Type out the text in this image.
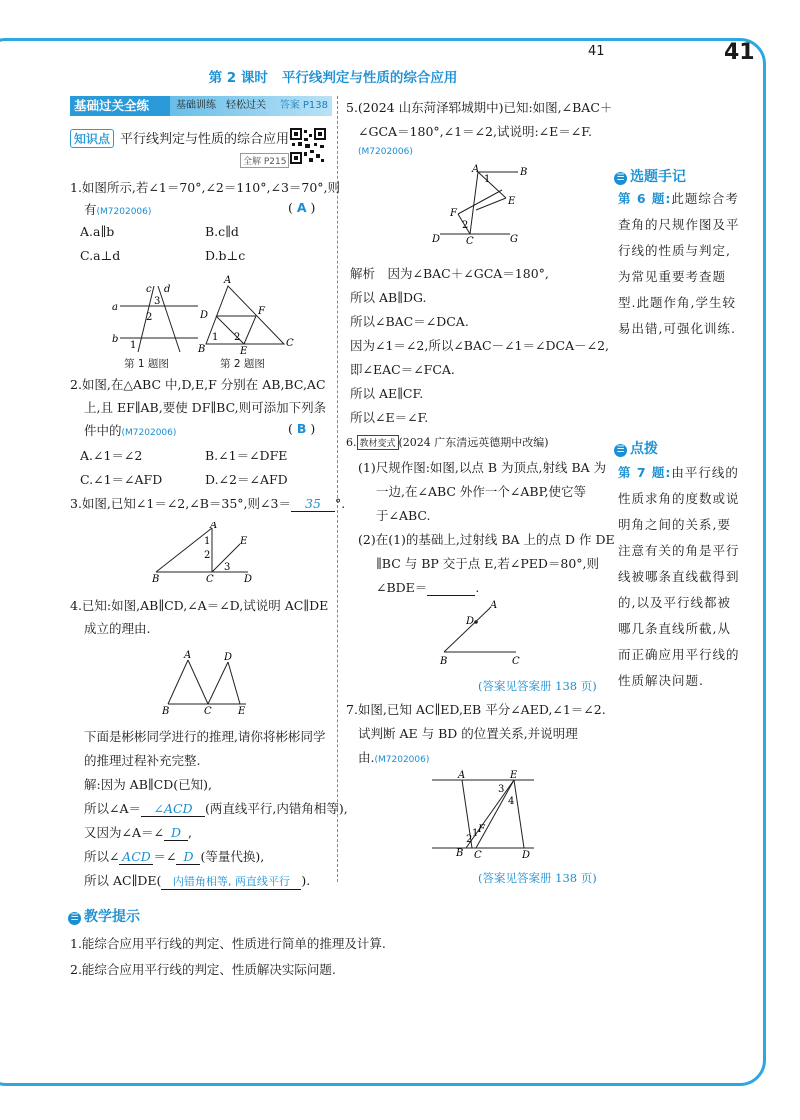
41	41
第 2 课时 平行线判定与性质的综合应用
基础过关全练	基础训练　轻松过关 答案 P138
知识点 平行线判定与性质的综合应用
全解 P215
1.如图所示,若∠1＝70°,∠2＝110°,∠3＝70°,则
有(M7202006)	( A )
A.a∥b	B.c∥d
C.a⊥d	D.b⊥c
a
b
c d
3
2
1
A
D	F
B	E
C
1 2
第 1 题图	第 2 题图
2.如图,在△ABC 中,D,E,F 分别在 AB,BC,AC
上,且 EF∥AB,要使 DF∥BC,则可添加下列条
件中的(M7202006)	( B )
A.∠1＝∠2	B.∠1＝∠DFE
C.∠1＝∠AFD	D.∠2＝∠AFD
3.如图,已知∠1＝∠2,∠B＝35°,则∠3＝ 35 °.
A
E
B	C	D
1
2
3
4.已知:如图,AB∥CD,∠A＝∠D,试说明 AC∥DE
成立的理由.
A	D
B	C	E
下面是彬彬同学进行的推理,请你将彬彬同学
的推理过程补充完整.
解:因为 AB∥CD(已知),
所以∠A＝ ∠ACD (两直线平行,内错角相等),
又因为∠A＝∠ D ,
所以∠ ACD ＝∠ D (等量代换),
所以 AC∥DE( 内错角相等, 两直线平行 ).
5.(2024 山东菏泽郓城期中)已知:如图,∠BAC＋
∠GCA＝180°,∠1＝∠2,试说明:∠E＝∠F.
(M7202006)
A	B
E
F
D	C	G
1
2
解析　因为∠BAC＋∠GCA＝180°,
所以 AB∥DG.
所以∠BAC＝∠DCA.
因为∠1＝∠2,所以∠BAC－∠1＝∠DCA－∠2,
即∠EAC＝∠FCA.
所以 AE∥CF.
所以∠E＝∠F.
6. 教材变式 (2024 广东清远英德期中改编)
(1)尺规作图:如图,以点 B 为顶点,射线 BA 为
一边,在∠ABC 外作一个∠ABP,使它等
于∠ABC.
(2)在(1)的基础上,过射线 BA 上的点 D 作 DE
∥BC 与 BP 交于点 E,若∠PED＝80°,则
∠BDE＝	.
A
D
B	C
(答案见答案册 138 页)
7.如图,已知 AC∥ED,EB 平分∠AED,∠1＝∠2.
试判断 AE 与 BD 的位置关系,并说明理
由.(M7202006)
A	E
F
B C	D
3
4
2
1
(答案见答案册 138 页)
☰ 选题手记
第 6 题:此题综合考查角的尺规作图及平行线的性质与判定,为常见重要考查题型.此题作角,学生较易出错,可强化训练.
☰ 点拨
第 7 题:由平行线的性质求角的度数或说明角之间的关系,要注意有关的角是平行线被哪条直线截得到的,以及平行线都被哪几条直线所截,从而正确应用平行线的性质解决问题.
☰ 教学提示
1.能综合应用平行线的判定、性质进行简单的推理及计算.
2.能综合应用平行线的判定、性质解决实际问题.
